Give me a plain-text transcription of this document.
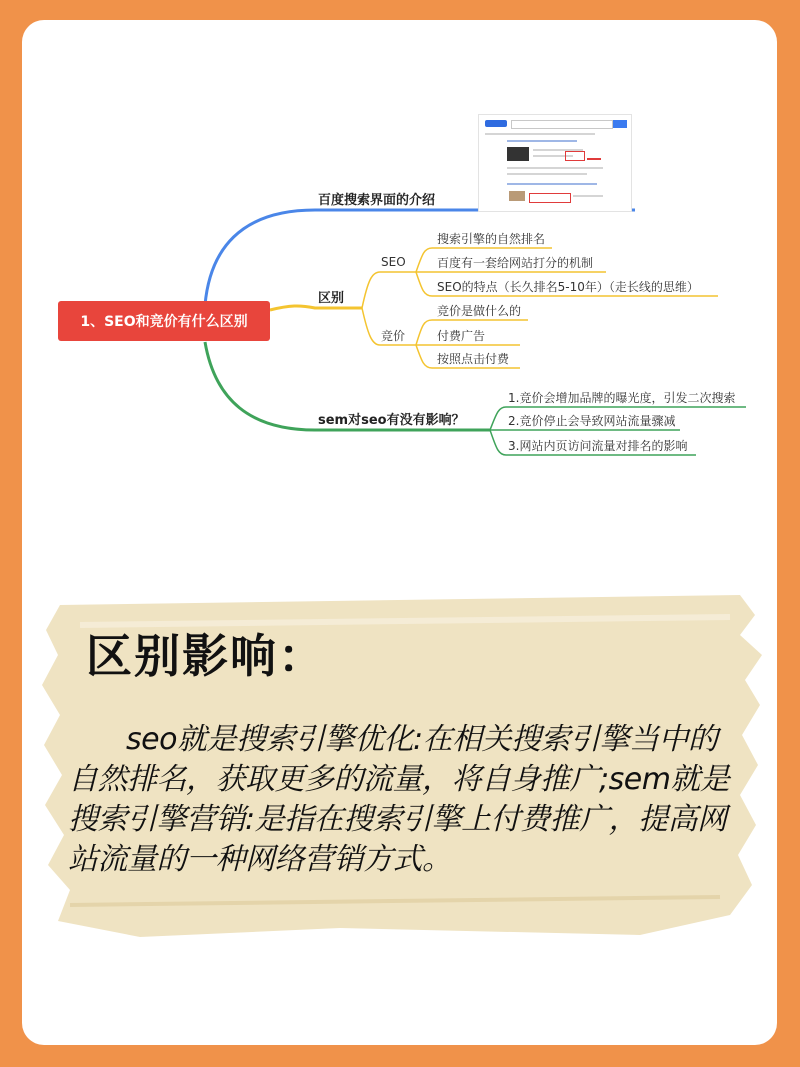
百度搜索界面的介绍
区别
sem对seo有没有影响？
SEO
竞价
搜索引擎的自然排名
百度有一套给网站打分的机制
SEO的特点（长久排名5-10年）（走长线的思维）
竞价是做什么的
付费广告
按照点击付费
1.竞价会增加品牌的曝光度，引发二次搜索
2.竞价停止会导致网站流量骤减
3.网站内页访问流量对排名的影响
1、SEO和竞价有什么区别
区别影响：
seo就是搜索引擎优化:在相关搜索引擎当中的自然排名，获取更多的流量，将自身推广;sem就是搜索引擎营销:是指在搜索引擎上付费推广，提高网站流量的一种网络营销方式。
